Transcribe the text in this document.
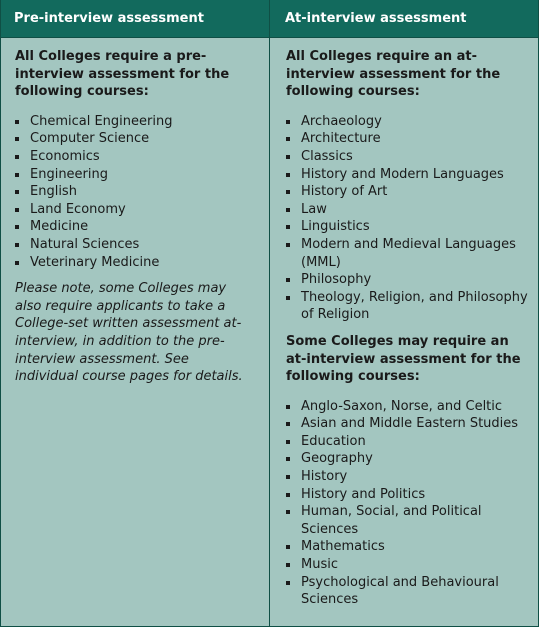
Pre-interview assessment

All Colleges require a pre-interview assessment for the following courses:

Chemical Engineering
Computer Science
Economics
Engineering
English
Land Economy
Medicine
Natural Sciences
Veterinary Medicine

Please note, some Colleges may also require applicants to take a College-set written assessment at-interview, in addition to the pre-interview assessment. See individual course pages for details.

At-interview assessment

All Colleges require an at-interview assessment for the following courses:

Archaeology
Architecture
Classics
History and Modern Languages
History of Art
Law
Linguistics
Modern and Medieval Languages (MML)
Philosophy
Theology, Religion, and Philosophy of Religion

Some Colleges may require an at-interview assessment for the following courses:

Anglo-Saxon, Norse, and Celtic
Asian and Middle Eastern Studies
Education
Geography
History
History and Politics
Human, Social, and Political Sciences
Mathematics
Music
Psychological and Behavioural Sciences
